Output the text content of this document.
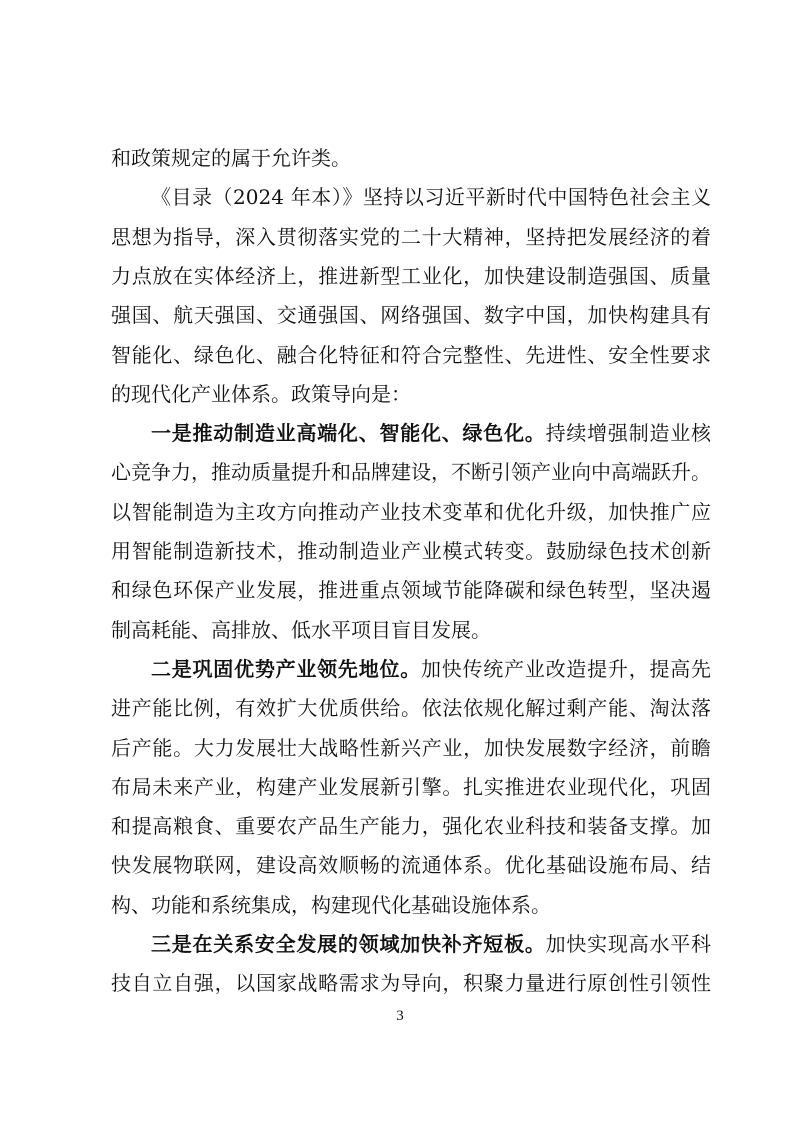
和政策规定的属于允许类。
《目录（2024 年本）》坚持以习近平新时代中国特色社会主义
思想为指导，深入贯彻落实党的二十大精神，坚持把发展经济的着
力点放在实体经济上，推进新型工业化，加快建设制造强国、质量
强国、航天强国、交通强国、网络强国、数字中国，加快构建具有
智能化、绿色化、融合化特征和符合完整性、先进性、安全性要求
的现代化产业体系。政策导向是：
一是推动制造业高端化、智能化、绿色化。持续增强制造业核
心竞争力，推动质量提升和品牌建设，不断引领产业向中高端跃升。
以智能制造为主攻方向推动产业技术变革和优化升级，加快推广应
用智能制造新技术，推动制造业产业模式转变。鼓励绿色技术创新
和绿色环保产业发展，推进重点领域节能降碳和绿色转型，坚决遏
制高耗能、高排放、低水平项目盲目发展。
二是巩固优势产业领先地位。加快传统产业改造提升，提高先
进产能比例，有效扩大优质供给。依法依规化解过剩产能、淘汰落
后产能。大力发展壮大战略性新兴产业，加快发展数字经济，前瞻
布局未来产业，构建产业发展新引擎。扎实推进农业现代化，巩固
和提高粮食、重要农产品生产能力，强化农业科技和装备支撑。加
快发展物联网，建设高效顺畅的流通体系。优化基础设施布局、结
构、功能和系统集成，构建现代化基础设施体系。
三是在关系安全发展的领域加快补齐短板。加快实现高水平科
技自立自强，以国家战略需求为导向，积聚力量进行原创性引领性
3
